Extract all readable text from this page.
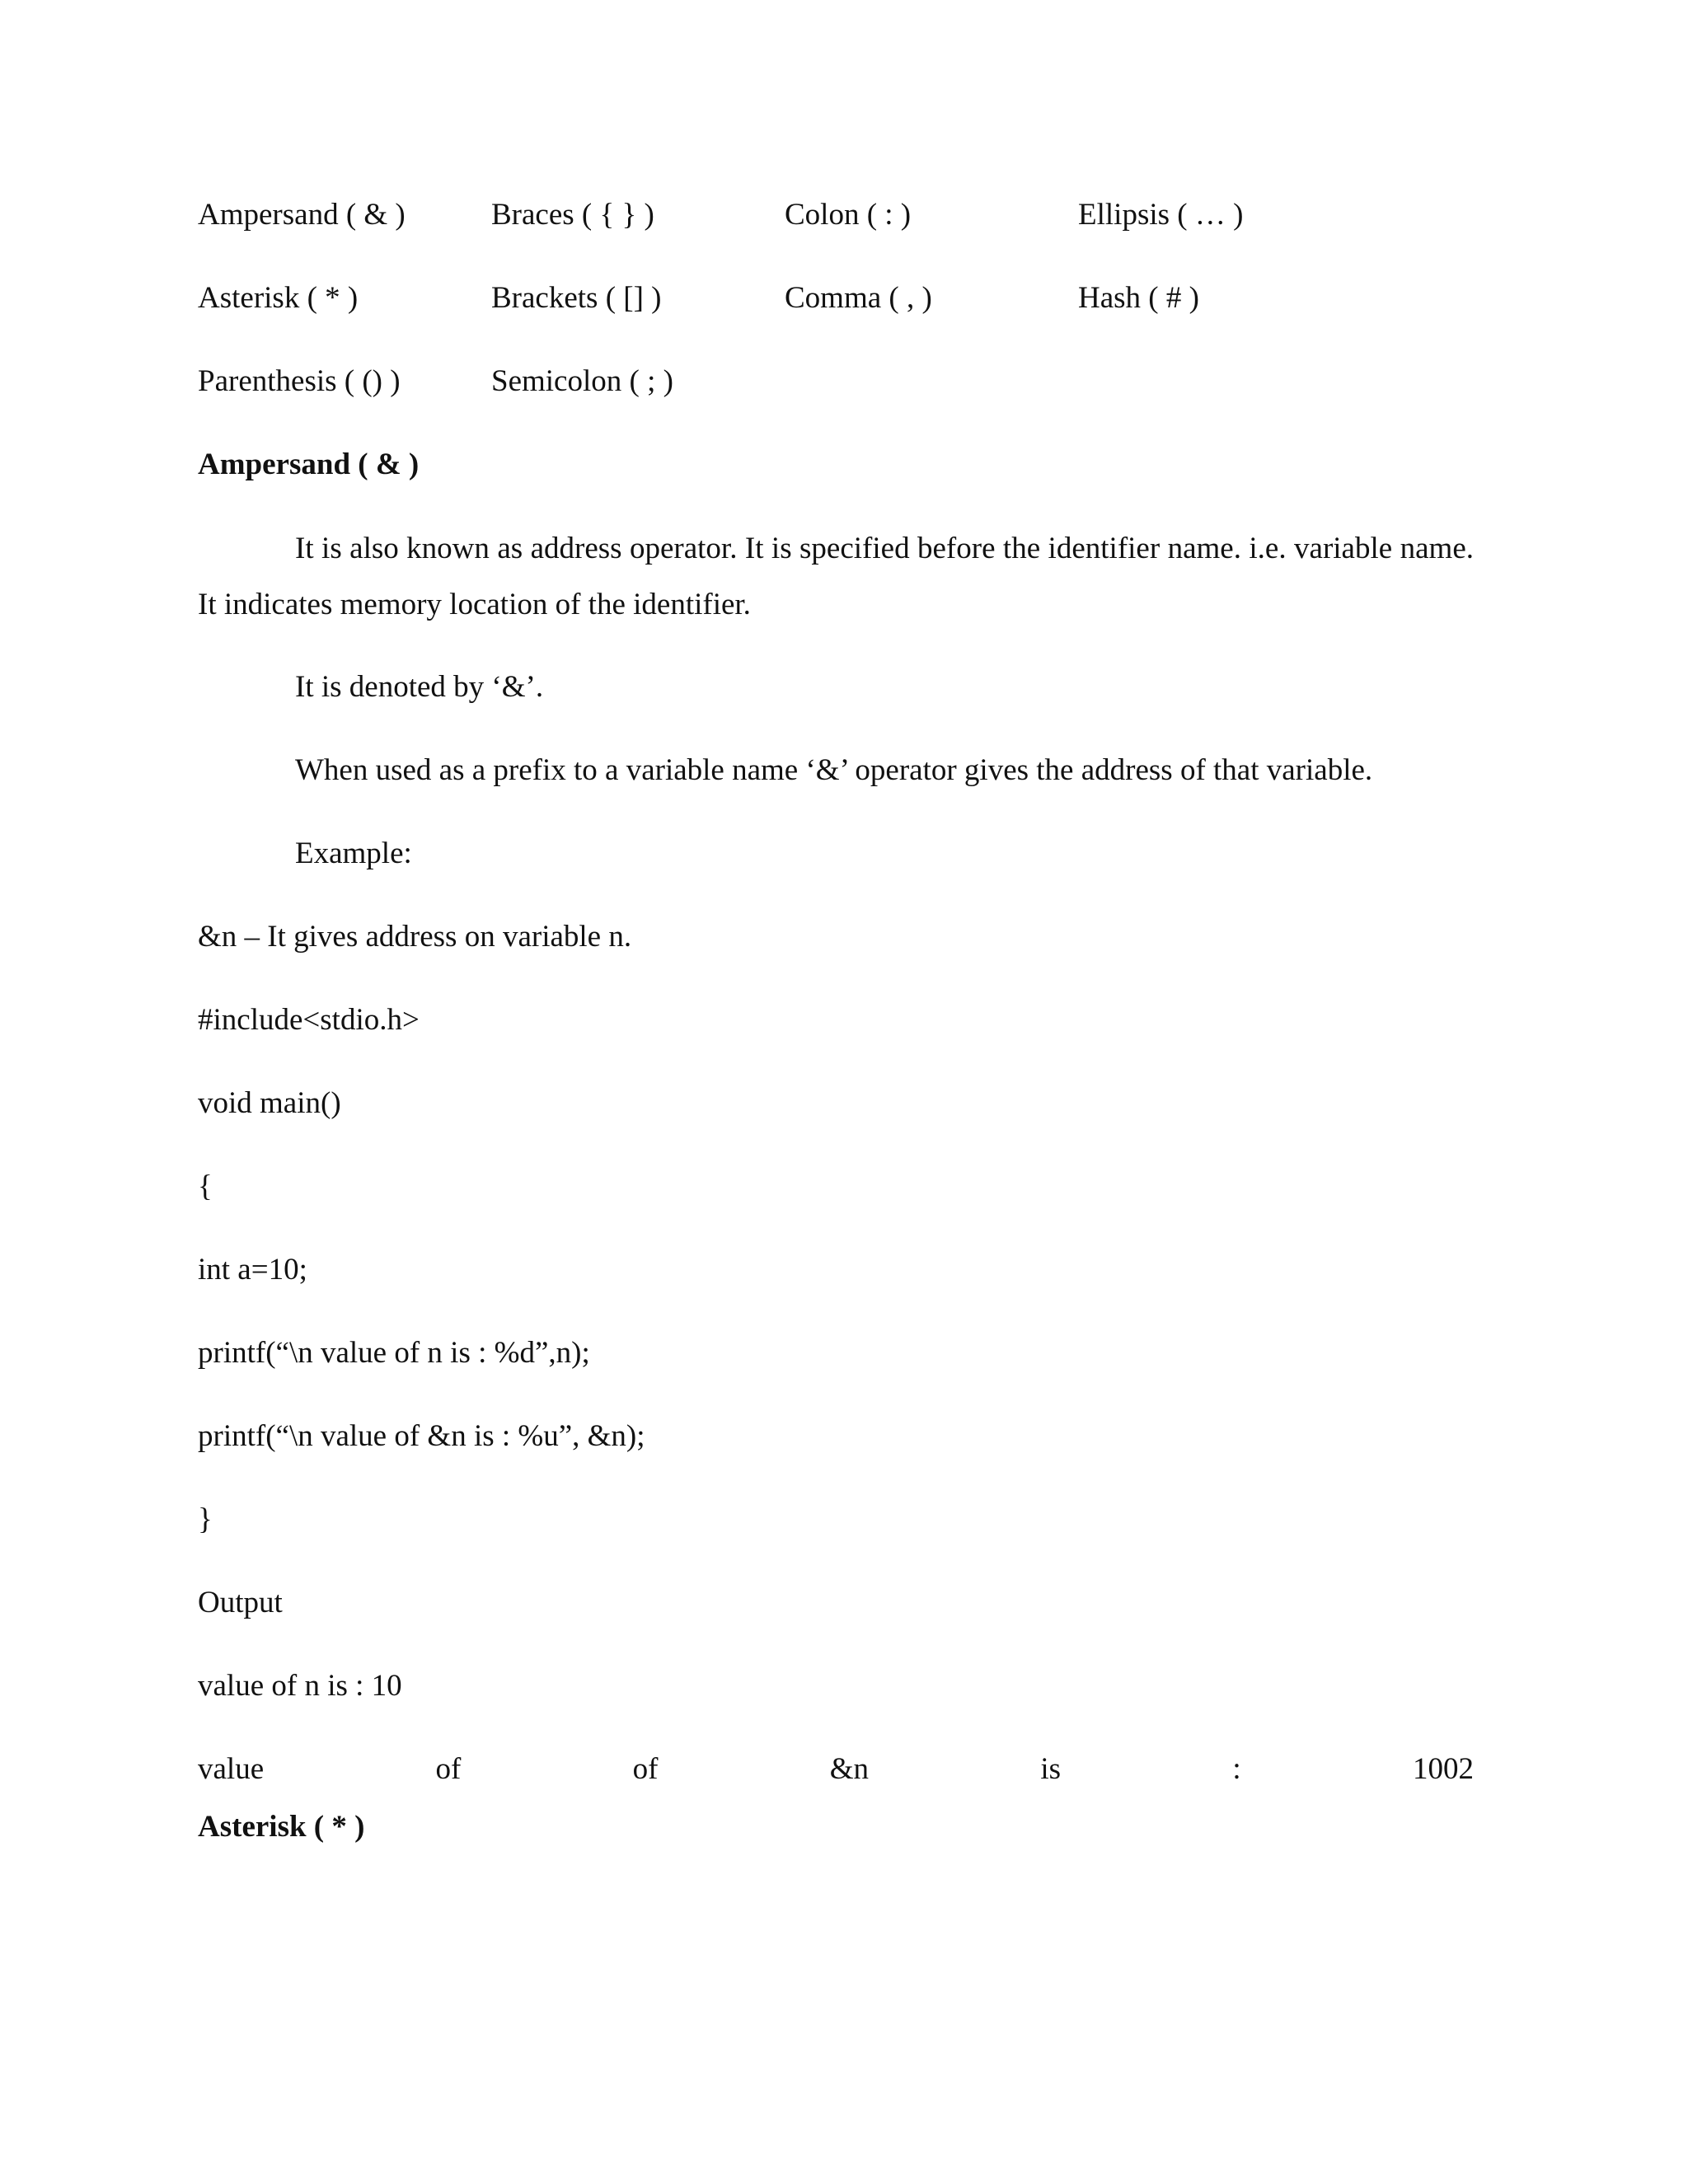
Ampersand ( & )	Braces ( { } )	Colon ( : )	Ellipsis ( … )
Asterisk ( * )	Brackets ( [] )	Comma ( , )	Hash ( # )
Parenthesis ( () )	Semicolon ( ; )
Ampersand ( & )
It is also known as address operator. It is specified before the identifier name. i.e. variable name. It indicates memory location of the identifier.
It is denoted by ‘&’.
When used as a prefix to a variable name ‘&’ operator gives the address of that variable.
Example:
&n – It gives address on variable n.
#include<stdio.h>
void main()
{
int a=10;
printf(“\n value of n is : %d”,n);
printf(“\n value of &n is : %u”, &n);
}
Output
value of n is : 10
value	of	of	&n	is	:	1002
Asterisk ( * )
